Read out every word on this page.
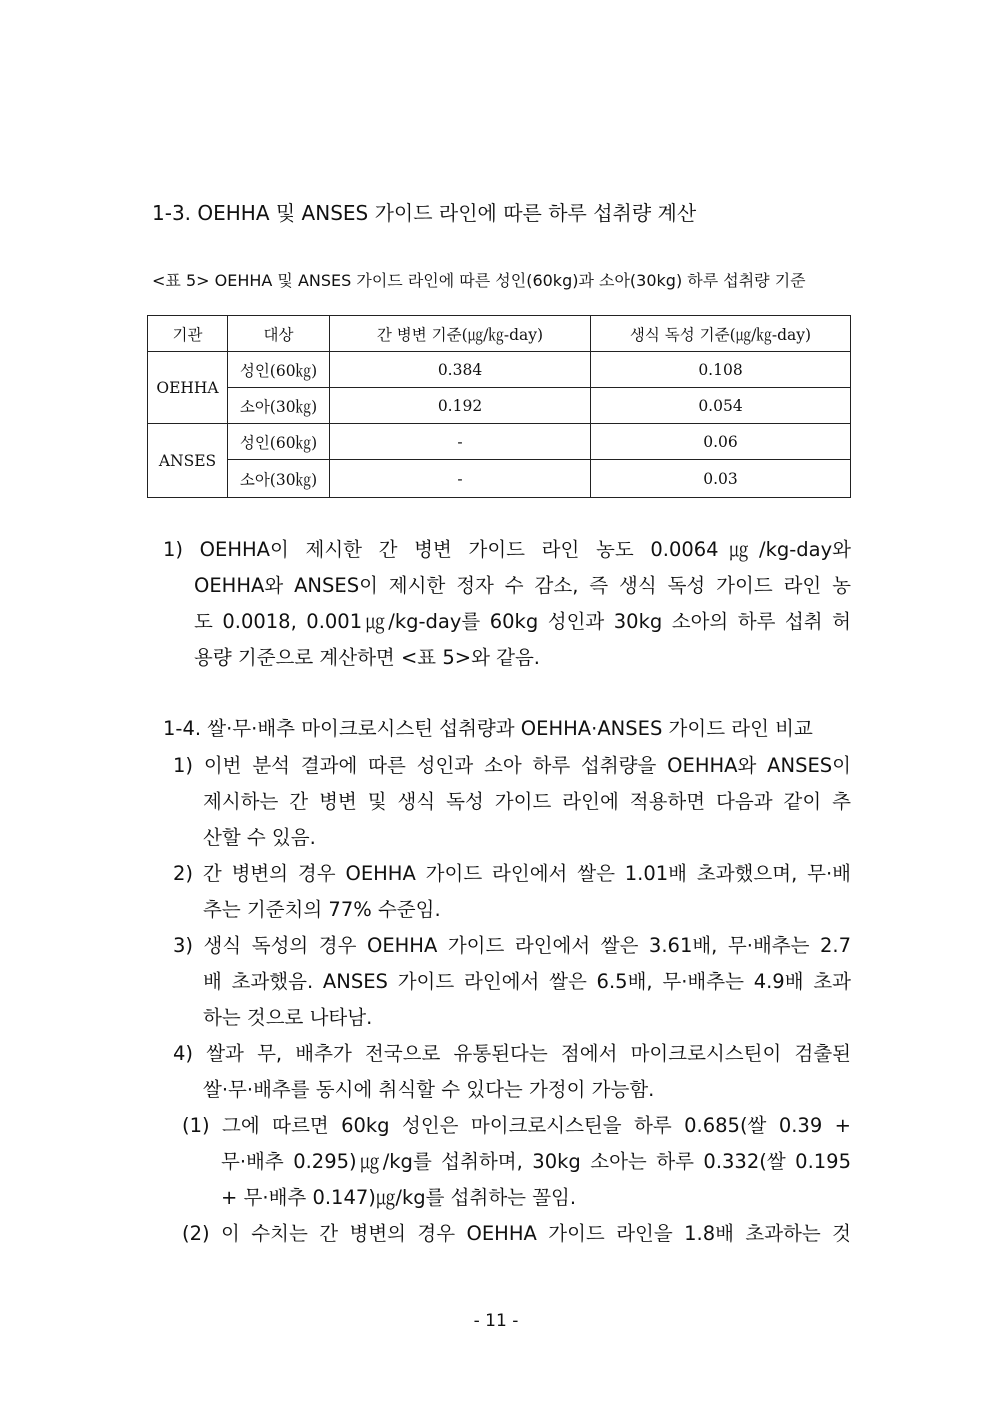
1-3. OEHHA 및 ANSES 가이드 라인에 따른 하루 섭취량 계산
<표 5> OEHHA 및 ANSES 가이드 라인에 따른 성인(60kg)과 소아(30kg) 하루 섭취량 기준
기관	대상	간 병변 기준(㎍/㎏-day)	생식 독성 기준(㎍/㎏-day)
OEHHA	성인(60㎏)	0.384	0.108
	소아(30㎏)	0.192	0.054
ANSES	성인(60㎏)	-	0.06
	소아(30㎏)	-	0.03
1) OEHHA이 제시한 간 병변 가이드 라인 농도 0.0064㎍/kg-day와
OEHHA와 ANSES이 제시한 정자 수 감소, 즉 생식 독성 가이드 라인 농
도 0.0018, 0.001㎍/kg-day를 60kg 성인과 30kg 소아의 하루 섭취 허
용량 기준으로 계산하면 <표 5>와 같음.
1-4. 쌀·무·배추 마이크로시스틴 섭취량과 OEHHA·ANSES 가이드 라인 비교
1) 이번 분석 결과에 따른 성인과 소아 하루 섭취량을 OEHHA와 ANSES이
제시하는 간 병변 및 생식 독성 가이드 라인에 적용하면 다음과 같이 추
산할 수 있음.
2) 간 병변의 경우 OEHHA 가이드 라인에서 쌀은 1.01배 초과했으며, 무·배
추는 기준치의 77% 수준임.
3) 생식 독성의 경우 OEHHA 가이드 라인에서 쌀은 3.61배, 무·배추는 2.7
배 초과했음. ANSES 가이드 라인에서 쌀은 6.5배, 무·배추는 4.9배 초과
하는 것으로 나타남.
4) 쌀과 무, 배추가 전국으로 유통된다는 점에서 마이크로시스틴이 검출된
쌀·무·배추를 동시에 취식할 수 있다는 가정이 가능함.
(1) 그에 따르면 60kg 성인은 마이크로시스틴을 하루 0.685(쌀 0.39 +
무·배추 0.295)㎍/kg를 섭취하며, 30kg 소아는 하루 0.332(쌀 0.195
+ 무·배추 0.147)㎍/kg를 섭취하는 꼴임.
(2) 이 수치는 간 병변의 경우 OEHHA 가이드 라인을 1.8배 초과하는 것
- 11 -
